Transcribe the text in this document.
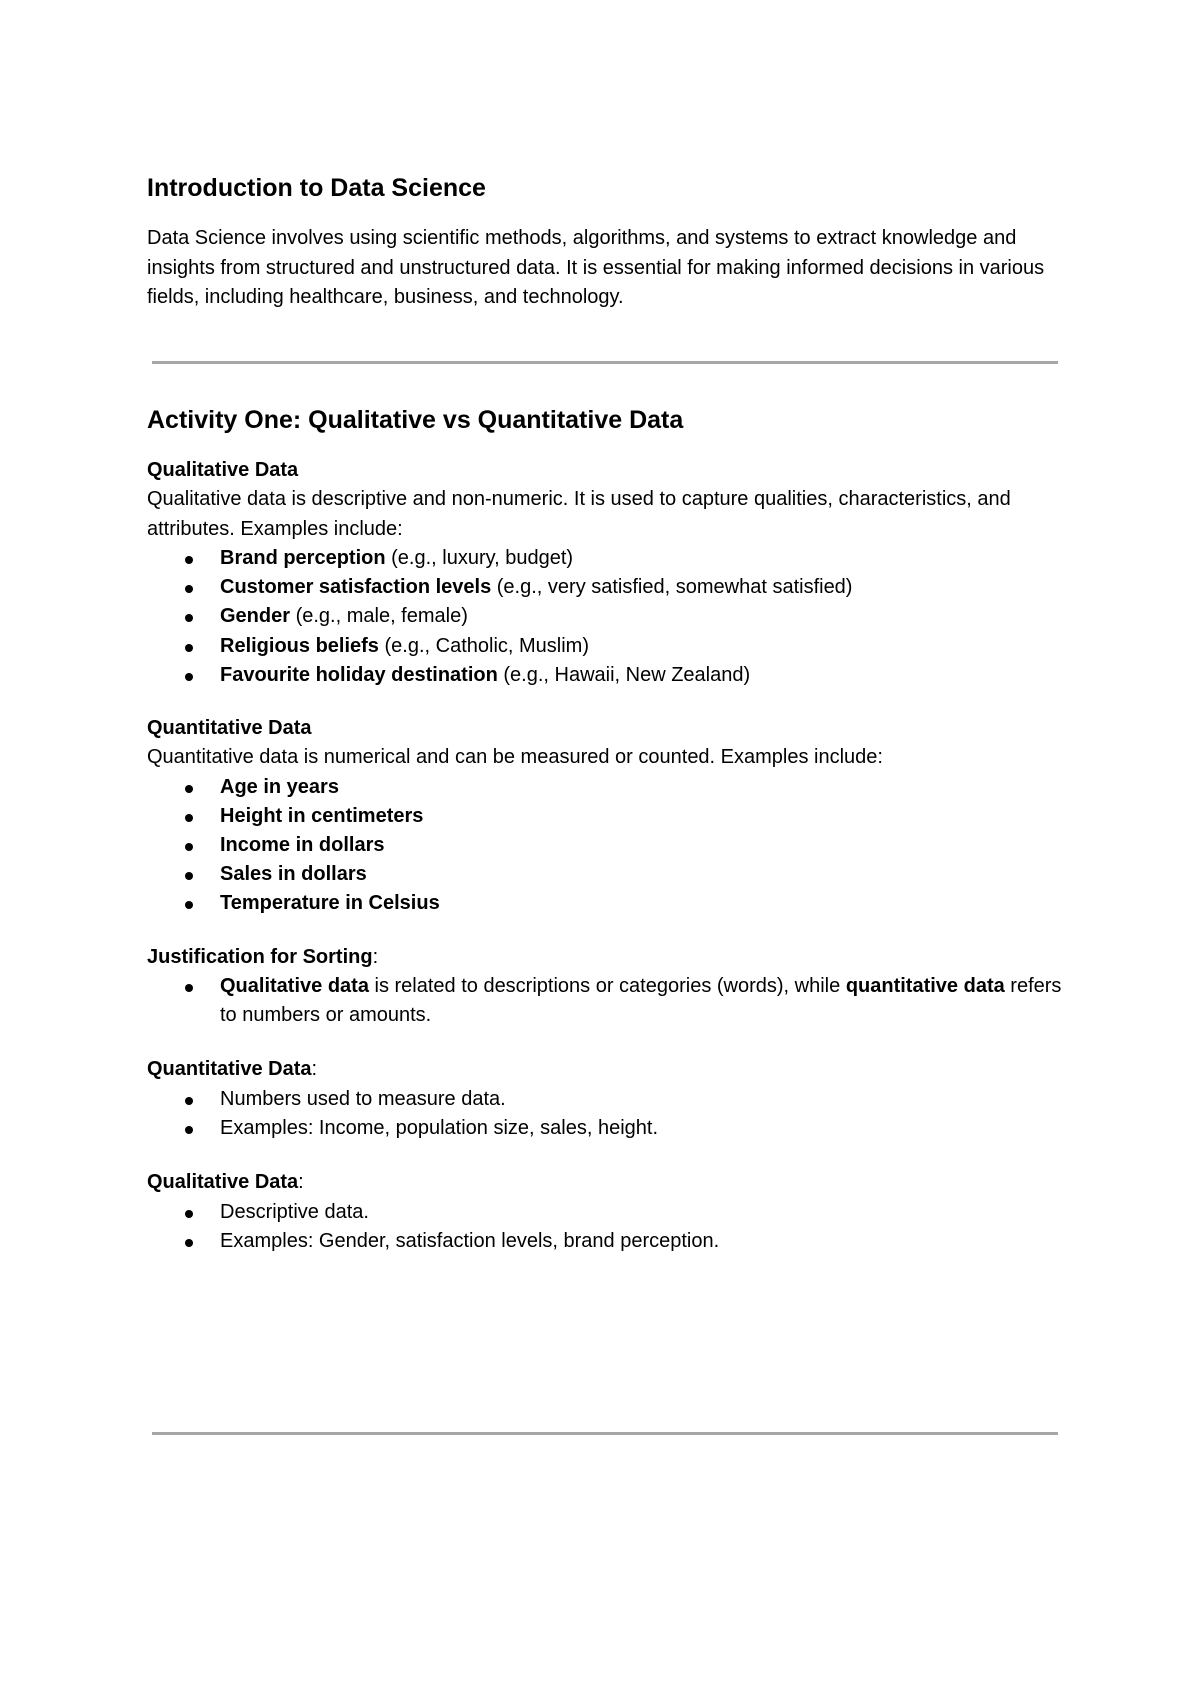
Introduction to Data Science

Data Science involves using scientific methods, algorithms, and systems to extract knowledge and insights from structured and unstructured data. It is essential for making informed decisions in various fields, including healthcare, business, and technology.

Activity One: Qualitative vs Quantitative Data

Qualitative Data

Qualitative data is descriptive and non-numeric. It is used to capture qualities, characteristics, and attributes. Examples include:

Brand perception (e.g., luxury, budget)
Customer satisfaction levels (e.g., very satisfied, somewhat satisfied)
Gender (e.g., male, female)
Religious beliefs (e.g., Catholic, Muslim)
Favourite holiday destination (e.g., Hawaii, New Zealand)

Quantitative Data

Quantitative data is numerical and can be measured or counted. Examples include:

Age in years
Height in centimeters
Income in dollars
Sales in dollars
Temperature in Celsius

Justification for Sorting:

Qualitative data is related to descriptions or categories (words), while quantitative data refers to numbers or amounts.

Quantitative Data:

Numbers used to measure data.
Examples: Income, population size, sales, height.

Qualitative Data:

Descriptive data.
Examples: Gender, satisfaction levels, brand perception.
